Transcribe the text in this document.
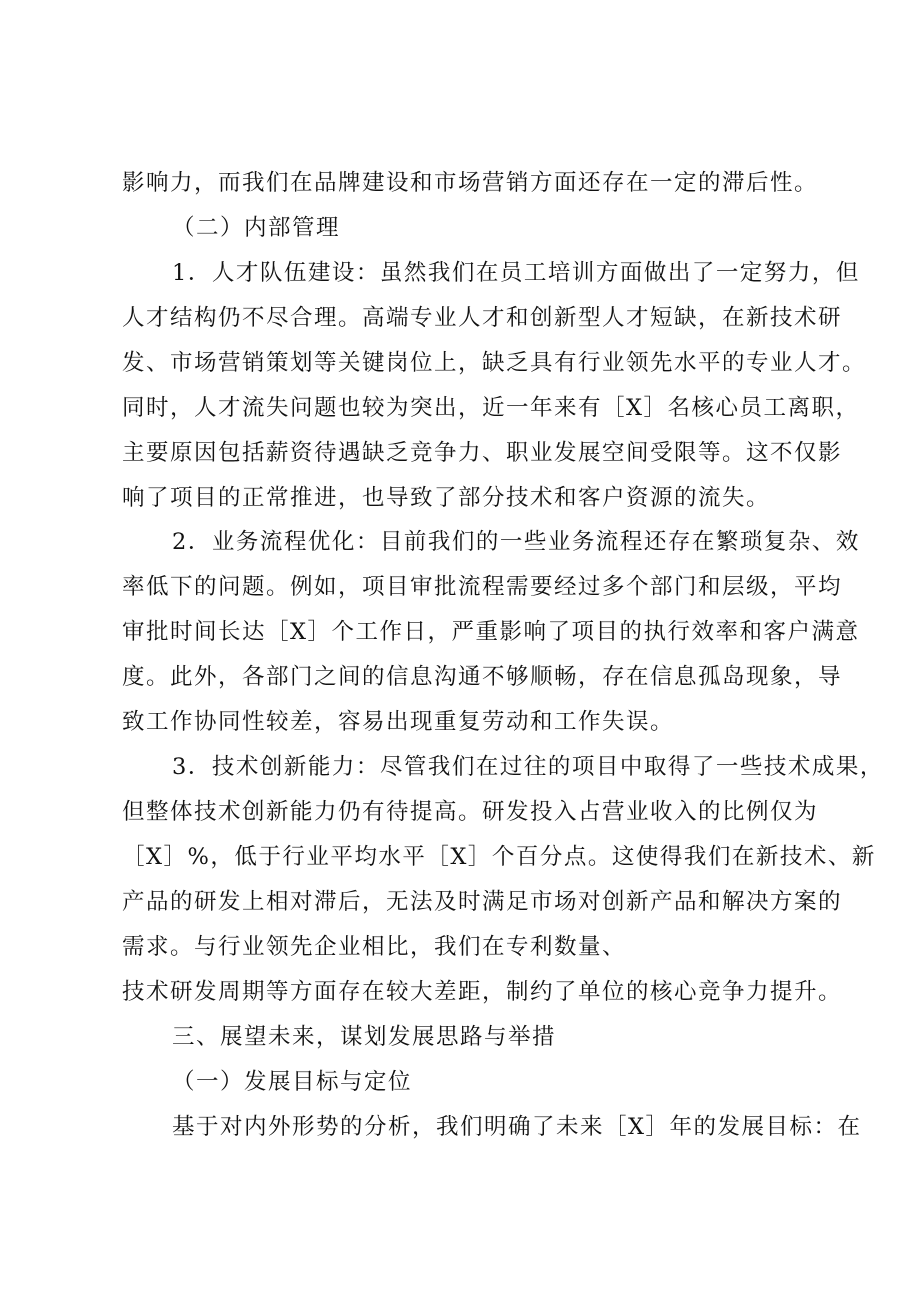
影响力，而我们在品牌建设和市场营销方面还存在一定的滞后性。
（二）内部管理
1．人才队伍建设：虽然我们在员工培训方面做出了一定努力，但
人才结构仍不尽合理。高端专业人才和创新型人才短缺，在新技术研
发、市场营销策划等关键岗位上，缺乏具有行业领先水平的专业人才。
同时，人才流失问题也较为突出，近一年来有［X］名核心员工离职，
主要原因包括薪资待遇缺乏竞争力、职业发展空间受限等。这不仅影
响了项目的正常推进，也导致了部分技术和客户资源的流失。
2．业务流程优化：目前我们的一些业务流程还存在繁琐复杂、效
率低下的问题。例如，项目审批流程需要经过多个部门和层级，平均
审批时间长达［X］个工作日，严重影响了项目的执行效率和客户满意
度。此外，各部门之间的信息沟通不够顺畅，存在信息孤岛现象，导
致工作协同性较差，容易出现重复劳动和工作失误。
3．技术创新能力：尽管我们在过往的项目中取得了一些技术成果，
但整体技术创新能力仍有待提高。研发投入占营业收入的比例仅为
［X］%，低于行业平均水平［X］个百分点。这使得我们在新技术、新
产品的研发上相对滞后，无法及时满足市场对创新产品和解决方案的
需求。与行业领先企业相比，我们在专利数量、
技术研发周期等方面存在较大差距，制约了单位的核心竞争力提升。
三、展望未来，谋划发展思路与举措
（一）发展目标与定位
基于对内外形势的分析，我们明确了未来［X］年的发展目标：在
